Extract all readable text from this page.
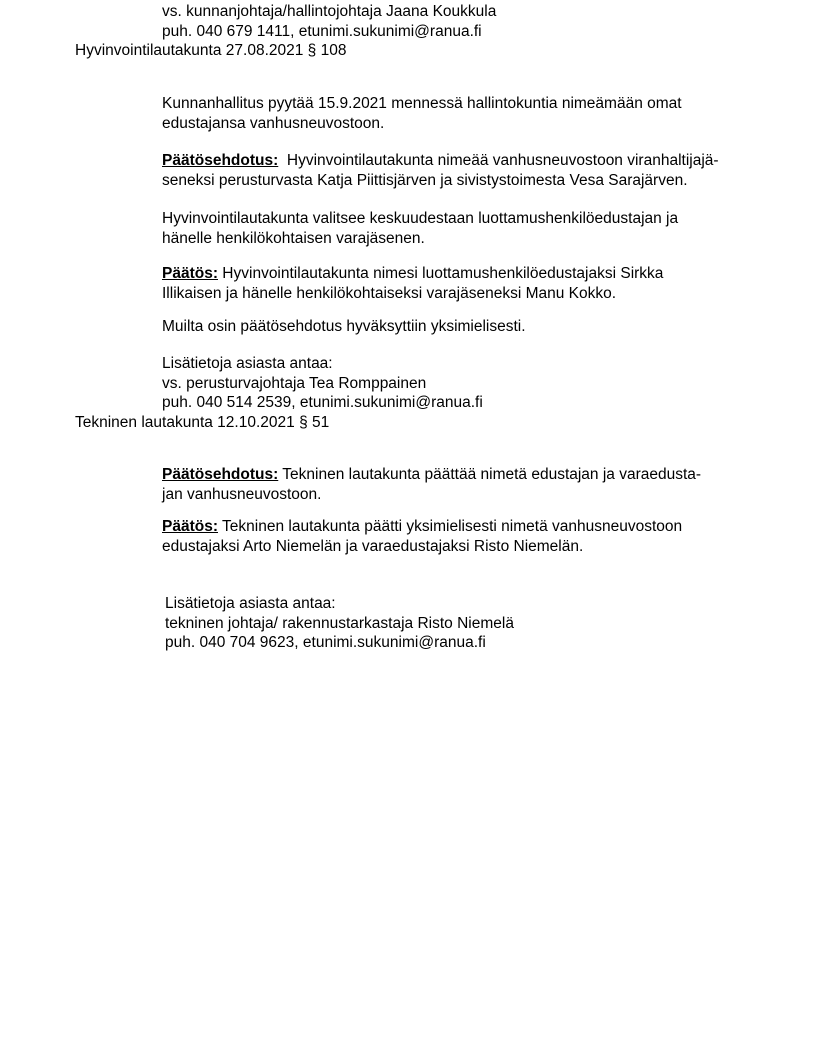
vs. kunnanjohtaja/hallintojohtaja Jaana Koukkula
puh. 040 679 1411, etunimi.sukunimi@ranua.fi
Hyvinvointilautakunta 27.08.2021 § 108
Kunnanhallitus pyytää 15.9.2021 mennessä hallintokuntia nimeämään omat
edustajansa vanhusneuvostoon.
Päätösehdotus:  Hyvinvointilautakunta nimeää vanhusneuvostoon viranhaltijajä-
seneksi perusturvasta Katja Piittisjärven ja sivistystoimesta Vesa Sarajärven.
Hyvinvointilautakunta valitsee keskuudestaan luottamushenkilöedustajan ja
hänelle henkilökohtaisen varajäsenen.
Päätös: Hyvinvointilautakunta nimesi luottamushenkilöedustajaksi Sirkka
Illikaisen ja hänelle henkilökohtaiseksi varajäseneksi Manu Kokko.
Muilta osin päätösehdotus hyväksyttiin yksimielisesti.
Lisätietoja asiasta antaa:
vs. perusturvajohtaja Tea Romppainen
puh. 040 514 2539, etunimi.sukunimi@ranua.fi
Tekninen lautakunta 12.10.2021 § 51
Päätösehdotus: Tekninen lautakunta päättää nimetä edustajan ja varaedusta-
jan vanhusneuvostoon.
Päätös: Tekninen lautakunta päätti yksimielisesti nimetä vanhusneuvostoon
edustajaksi Arto Niemelän ja varaedustajaksi Risto Niemelän.
Lisätietoja asiasta antaa:
tekninen johtaja/ rakennustarkastaja Risto Niemelä
puh. 040 704 9623, etunimi.sukunimi@ranua.fi
